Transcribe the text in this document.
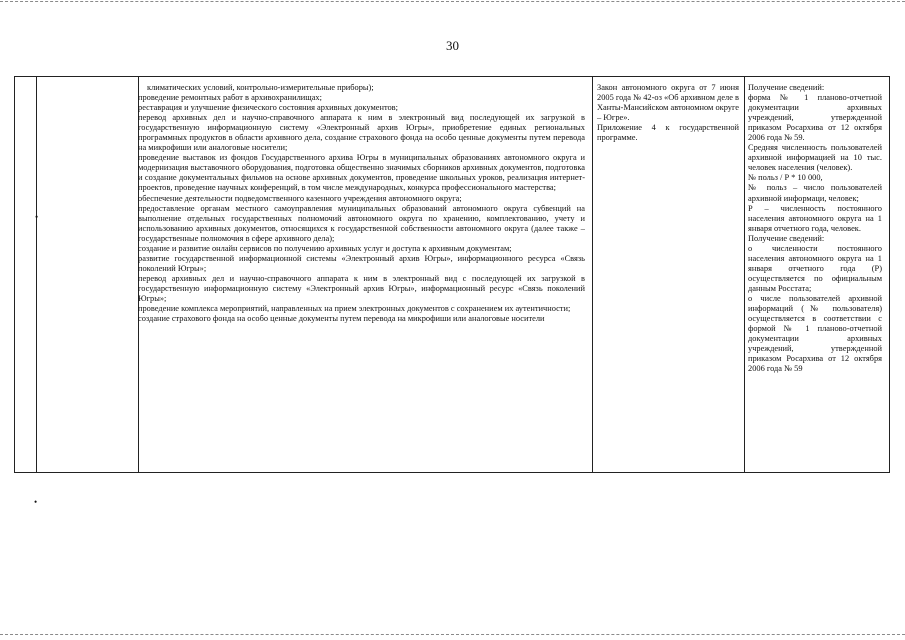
30
•

климатических условий, контрольно-измерительные приборы);

проведение ремонтных работ в архивохранилищах;

реставрация и улучшение физического состояния архивных документов;

перевод архивных дел и научно-справочного аппарата к ним в электронный вид последующей их загрузкой в государственную информационную систему «Электронный архив Югры», приобретение единых региональных программных продуктов в области архивного дела, создание страхового фонда на особо ценные документы путем перевода на микрофиши или аналоговые носители;

проведение выставок из фондов Государственного архива Югры в муниципальных образованиях автономного округа и модернизация выставочного оборудования, подготовка общественно значимых сборников архивных документов, подготовка и создание документальных фильмов на основе архивных документов, проведение школьных уроков, реализация интернет-проектов, проведение научных конференций, в том числе международных, конкурса профессионального мастерства;

обеспечение деятельности подведомственного казенного учреждения автономного округа;

предоставление органам местного самоуправления муниципальных образований автономного округа субвенций на выполнение отдельных государственных полномочий автономного округа по хранению, комплектованию, учету и использованию архивных документов, относящихся к государственной собственности автономного округа (далее также – государственные полномочия в сфере архивного дела);

создание и развитие онлайн сервисов по получению архивных услуг и доступа к архивным документам;

развитие государственной информационной системы «Электронный архив Югры», информационного ресурса «Связь поколений Югры»;

перевод архивных дел и научно-справочного аппарата к ним в электронный вид с последующей их загрузкой в государственную информационную систему «Электронный архив Югры», информационный ресурс «Связь поколений Югры»;

проведение комплекса мероприятий, направленных на прием электронных документов с сохранением их аутентичности;

создание страхового фонда на особо ценные документы путем перевода на микрофиши или аналоговые носители

Закон автономного округа от 7 июня 2005 года № 42-оз «Об архивном деле в Ханты-Мансийском автономном округе – Югре».

Приложение 4 к государственной программе.

Получение сведений:

форма № 1 планово-отчетной документации архивных учреждений, утвержденной приказом Росархива от 12 октября 2006 года № 59.

Средняя численность пользователей архивной информацией на 10 тыс. человек населения (человек).

№ польз / Р * 10 000,

№ польз – число пользователей архивной информаци, человек;

Р – численность постоянного населения автономного округа на 1 января отчетного года, человек.

Получение сведений:

о численности постоянного населения автономного округа на 1 января отчетного года (Р) осуществляется по официальным данным Росстата;

о числе пользователей архивной информаций (№ пользователя) осуществляется в соответствии с формой № 1 планово-отчетной документации архивных учреждений, утвержденной приказом Росархива от 12 октября 2006 года № 59

•
